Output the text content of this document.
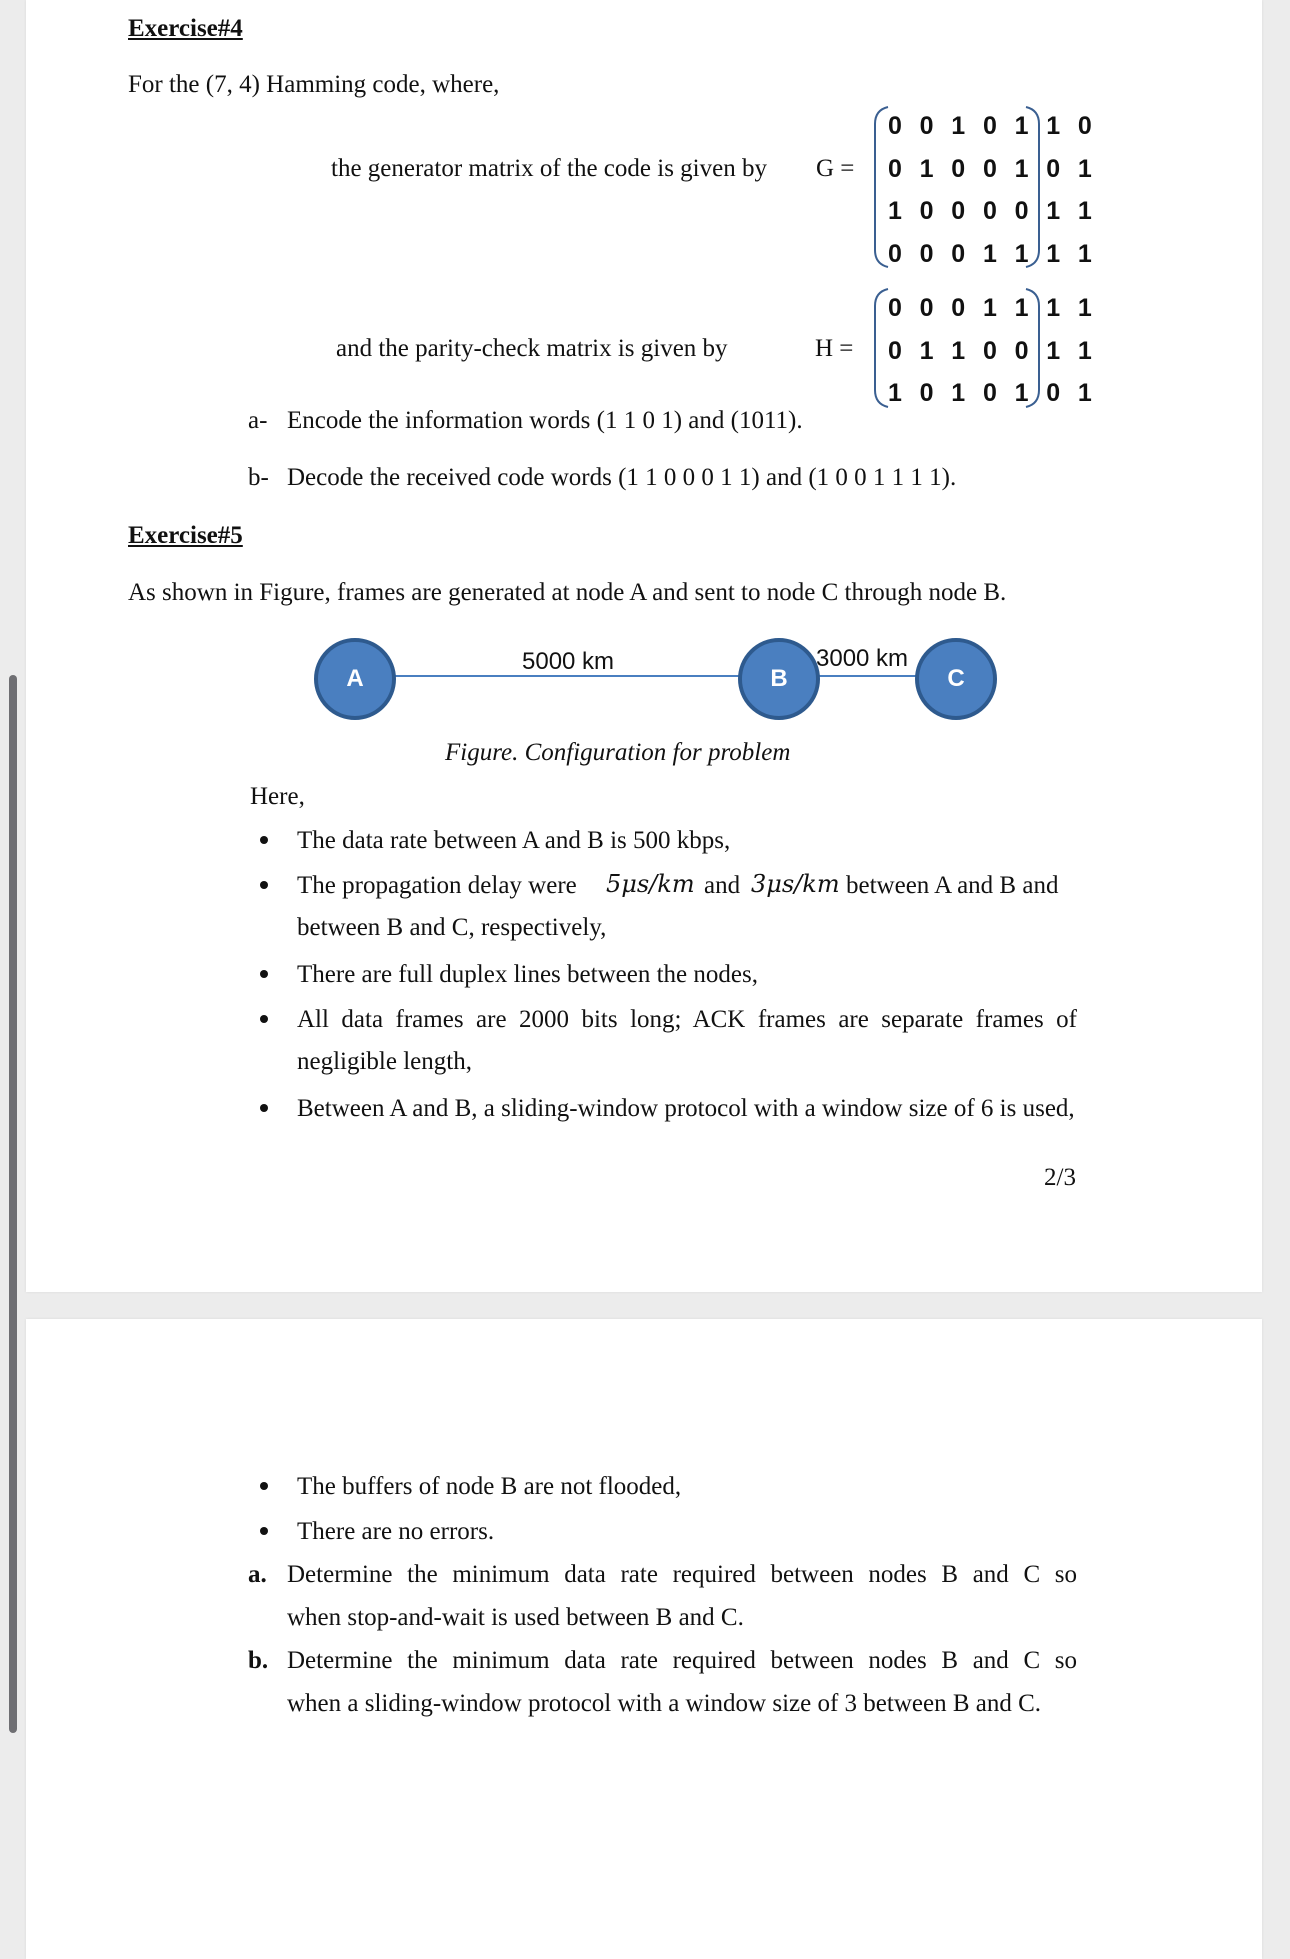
Exercise#4
For the (7, 4) Hamming code, where,
the generator matrix of the code is given by G =
0 0 1 0 1 1 0
0 1 0 0 1 0 1
1 0 0 0 0 1 1
0 0 0 1 1 1 1
and the parity-check matrix is given by	H =
0 0 0 1 1 1 1
0 1 1 0 0 1 1
1 0 1 0 1 0 1
a- Encode the information words (1 1 0 1) and (1011).
b- Decode the received code words (1 1 0 0 0 1 1) and (1 0 0 1 1 1 1).
Exercise#5
As shown in Figure, frames are generated at node A and sent to node C through node B.
A	B	C
5000 km	3000 km
Figure. Configuration for problem
Here,
The data rate between A and B is 500 kbps,
The propagation delay were 5μs/km and 3μs/km between A and B and
between B and C, respectively,
There are full duplex lines between the nodes,
All data frames are 2000 bits long; ACK frames are separate frames of
negligible length,
Between A and B, a sliding-window protocol with a window size of 6 is used,
2/3
The buffers of node B are not flooded,
There are no errors.
a. Determine the minimum data rate required between nodes B and C so
when stop-and-wait is used between B and C.
b. Determine the minimum data rate required between nodes B and C so
when a sliding-window protocol with a window size of 3 between B and C.
